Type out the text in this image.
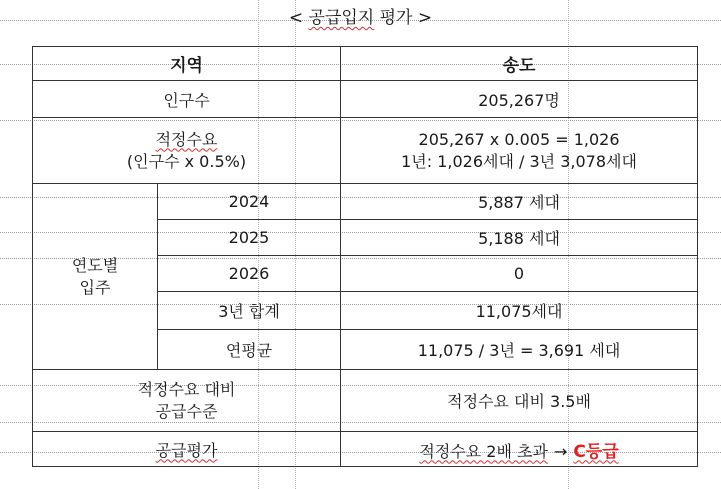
< 공급입지 평가 >
지역		송도
인구수		205,267명

적정수요
(인구수 x 0.5%)		205,267 x 0.005 = 1,026
1년: 1,026세대 / 3년 3,078세대

연도별
입주	2024	5,887 세대
	2025	5,188 세대
	2026	0
	3년 합계	11,075세대
	연평균	11,075 / 3년 = 3,691 세대

적정수요 대비
공급수준		적정수요 대비 3.5배
공급평가		적정수요 2배 초과 → C등급
